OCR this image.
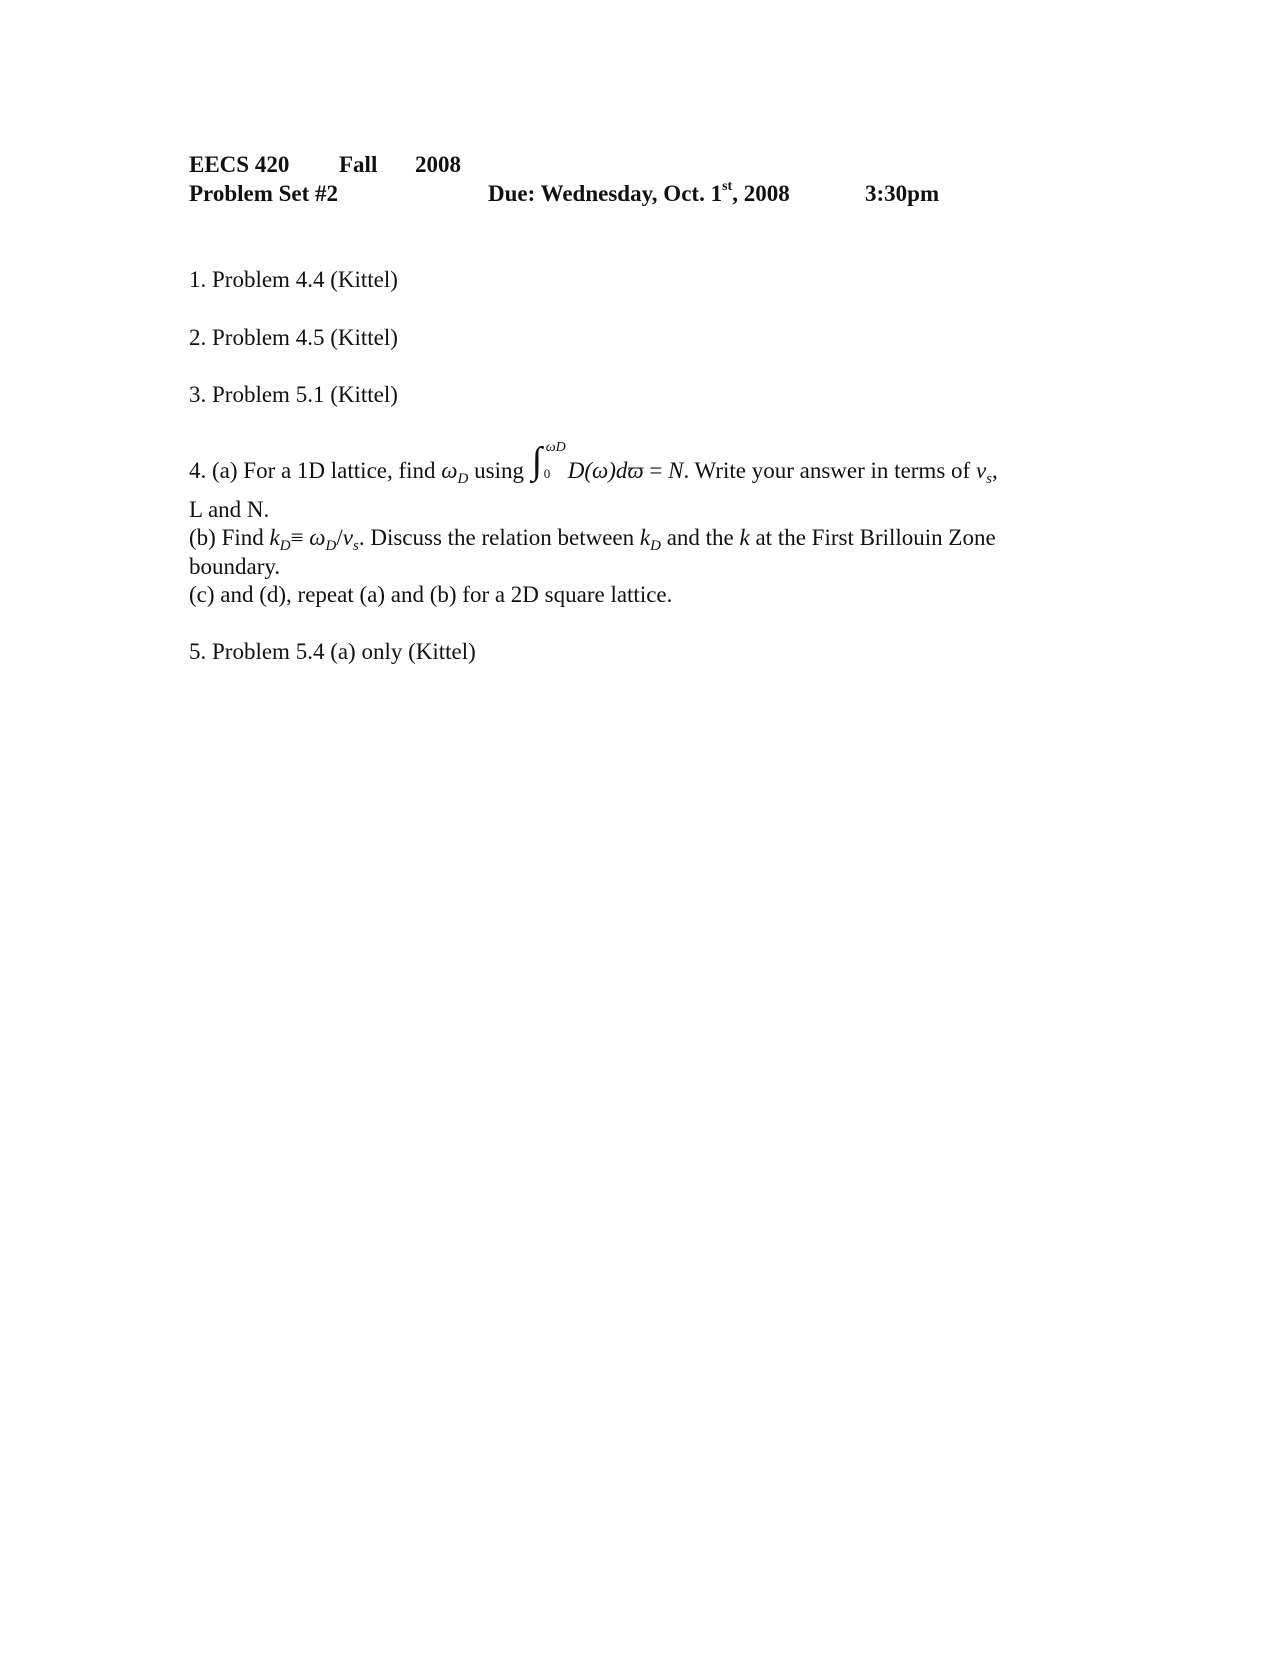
EECS 420 Fall 2008
Problem Set #2	Due: Wednesday, Oct. 1st, 2008	3:30pm
1. Problem 4.4 (Kittel)
2. Problem 4.5 (Kittel)
3. Problem 5.1 (Kittel)
4. (a) For a 1D lattice, find $\omega_D$ using ∫ ωD
0 D(ω)dϖ = N. Write your answer in terms of $v_s$,
L and N.
(b) Find $k_D\equiv \omega_D/v_s$. Discuss the relation between $k_D$ and the k at the First Brillouin Zone
boundary.
(c) and (d), repeat (a) and (b) for a 2D square lattice.
5. Problem 5.4 (a) only (Kittel)
